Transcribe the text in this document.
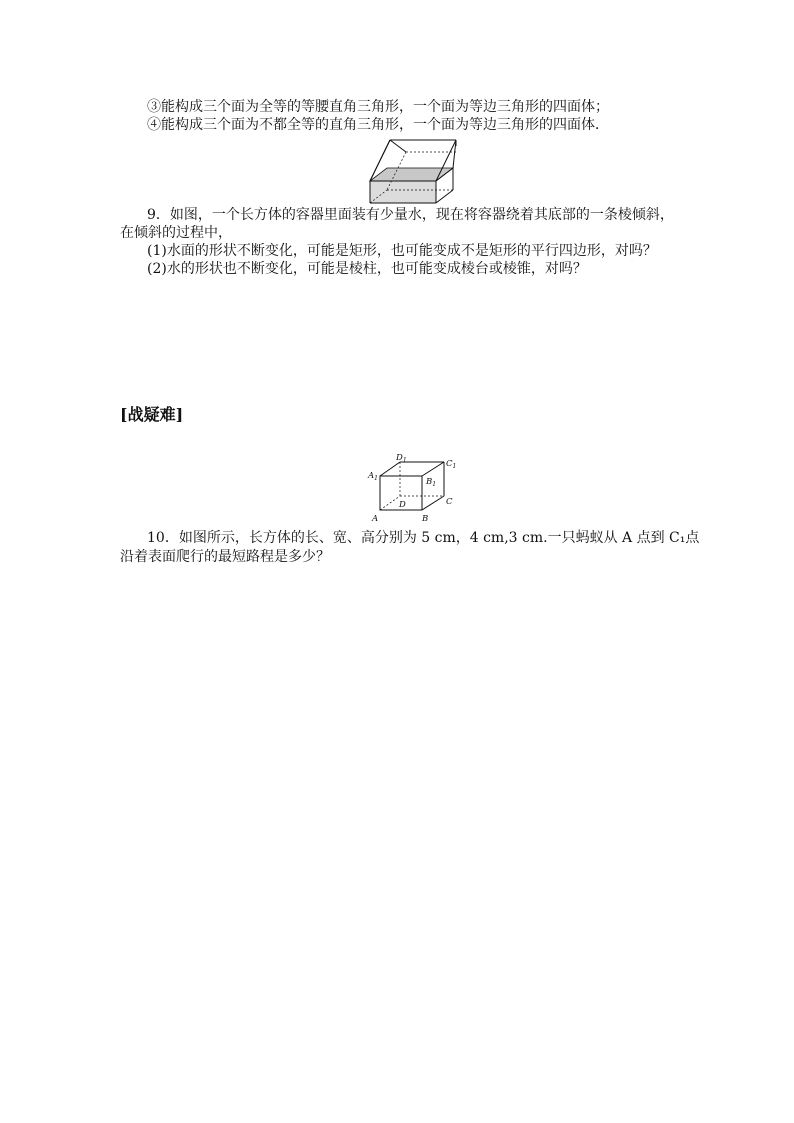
③能构成三个面为全等的等腰直角三角形，一个面为等边三角形的四面体；
④能构成三个面为不都全等的直角三角形，一个面为等边三角形的四面体．
9．如图，一个长方体的容器里面装有少量水，现在将容器绕着其底部的一条棱倾斜，
在倾斜的过程中，
(1)水面的形状不断变化，可能是矩形，也可能变成不是矩形的平行四边形，对吗？
(2)水的形状也不断变化，可能是棱柱，也可能变成棱台或棱锥，对吗？
[战疑难]
$A_1$
$D_1$	$C_1$
$B_1$
C
D
A	B
10．如图所示，长方体的长、宽、高分别为 5 cm，4 cm,3 cm.一只蚂蚁从 A 点到 C₁点
沿着表面爬行的最短路程是多少？
